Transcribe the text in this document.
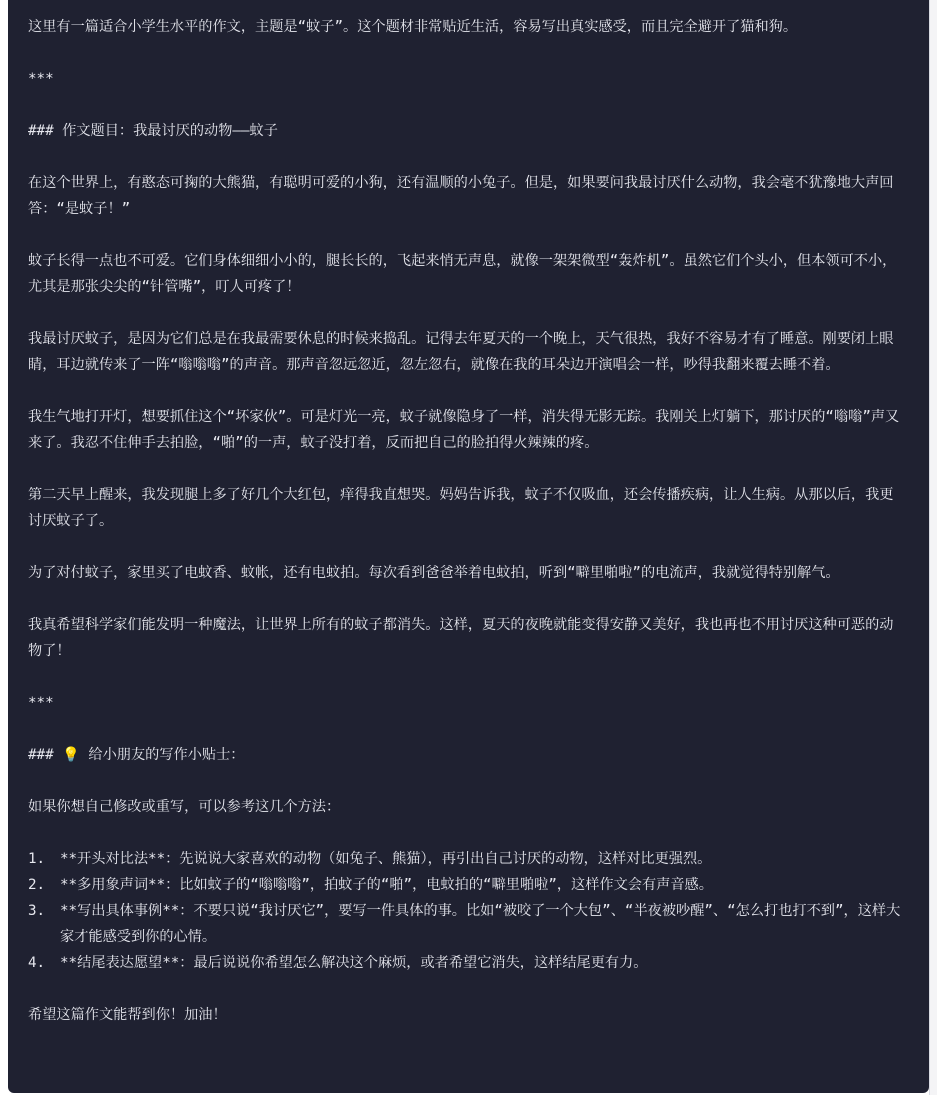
这里有一篇适合小学生水平的作文，主题是“蚊子”。这个题材非常贴近生活，容易写出真实感受，而且完全避开了猫和狗。

***

### 作文题目：我最讨厌的动物——蚊子

在这个世界上，有憨态可掬的大熊猫，有聪明可爱的小狗，还有温顺的小兔子。但是，如果要问我最讨厌什么动物，我会毫不犹豫地大声回答：“是蚊子！”

蚊子长得一点也不可爱。它们身体细细小小的，腿长长的，飞起来悄无声息，就像一架架微型“轰炸机”。虽然它们个头小，但本领可不小，尤其是那张尖尖的“针管嘴”，叮人可疼了！

我最讨厌蚊子，是因为它们总是在我最需要休息的时候来捣乱。记得去年夏天的一个晚上，天气很热，我好不容易才有了睡意。刚要闭上眼睛，耳边就传来了一阵“嗡嗡嗡”的声音。那声音忽远忽近，忽左忽右，就像在我的耳朵边开演唱会一样，吵得我翻来覆去睡不着。

我生气地打开灯，想要抓住这个“坏家伙”。可是灯光一亮，蚊子就像隐身了一样，消失得无影无踪。我刚关上灯躺下，那讨厌的“嗡嗡”声又来了。我忍不住伸手去拍脸，“啪”的一声，蚊子没打着，反而把自己的脸拍得火辣辣的疼。

第二天早上醒来，我发现腿上多了好几个大红包，痒得我直想哭。妈妈告诉我，蚊子不仅吸血，还会传播疾病，让人生病。从那以后，我更讨厌蚊子了。

为了对付蚊子，家里买了电蚊香、蚊帐，还有电蚊拍。每次看到爸爸举着电蚊拍，听到“噼里啪啦”的电流声，我就觉得特别解气。

我真希望科学家们能发明一种魔法，让世界上所有的蚊子都消失。这样，夏天的夜晚就能变得安静又美好，我也再也不用讨厌这种可恶的动物了！

***

### 💡 给小朋友的写作小贴士：

如果你想自己修改或重写，可以参考这几个方法：

1.	**开头对比法**：先说说大家喜欢的动物（如兔子、熊猫），再引出自己讨厌的动物，这样对比更强烈。
2.	**多用象声词**：比如蚊子的“嗡嗡嗡”，拍蚊子的“啪”，电蚊拍的“噼里啪啦”，这样作文会有声音感。
3.	**写出具体事例**：不要只说“我讨厌它”，要写一件具体的事。比如“被咬了一个大包”、“半夜被吵醒”、“怎么打也打不到”，这样大家才能感受到你的心情。
4.	**结尾表达愿望**：最后说说你希望怎么解决这个麻烦，或者希望它消失，这样结尾更有力。

希望这篇作文能帮到你！加油！
